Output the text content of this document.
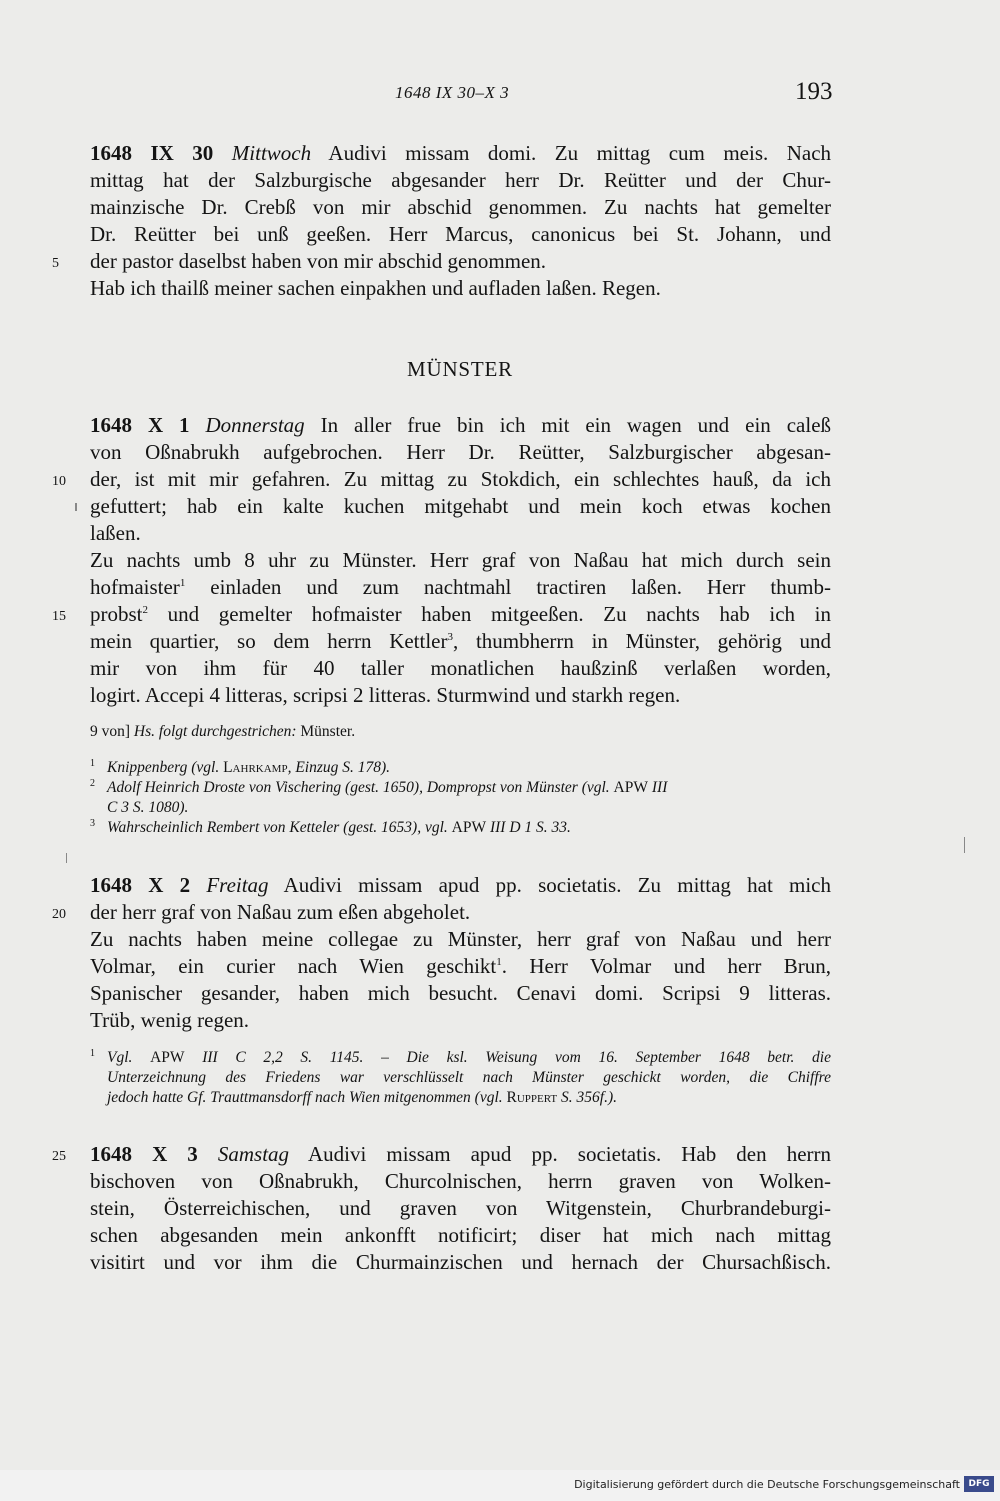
1648 IX 30–X 3	193
1648 IX 30 Mittwoch Audivi missam domi. Zu mittag cum meis. Nach
mittag hat der Salzburgische abgesander herr Dr. Reütter und der Chur-
mainzische Dr. Crebß von mir abschid genommen. Zu nachts hat gemelter
Dr. Reütter bei unß geeßen. Herr Marcus, canonicus bei St. Johann, und
5	der pastor daselbst haben von mir abschid genommen.
Hab ich thailß meiner sachen einpakhen und aufladen laßen. Regen.
MÜNSTER
1648 X 1 Donnerstag In aller frue bin ich mit ein wagen und ein caleß
von Oßnabrukh aufgebrochen. Herr Dr. Reütter, Salzburgischer abgesan-
10	der, ist mit mir gefahren. Zu mittag zu Stokdich, ein schlechtes hauß, da ich
gefuttert; hab ein kalte kuchen mitgehabt und mein koch etwas kochen
laßen.
Zu nachts umb 8 uhr zu Münster. Herr graf von Naßau hat mich durch sein
hofmaister$^1$ einladen und zum nachtmahl tractiren laßen. Herr thumb-
15	probst$^2$ und gemelter hofmaister haben mitgeeßen. Zu nachts hab ich in
mein quartier, so dem herrn Kettler$^3$, thumbherrn in Münster, gehörig und
mir von ihm für 40 taller monatlichen haußzinß verlaßen worden,
logirt. Accepi 4 litteras, scripsi 2 litteras. Sturmwind und starkh regen.
9 von] Hs. folgt durchgestrichen: Münster.
1 Knippenberg (vgl. Lahrkamp, Einzug S. 178).
2 Adolf Heinrich Droste von Vischering (gest. 1650), Dompropst von Münster (vgl. APW III
C 3 S. 1080).
3 Wahrscheinlich Rembert von Ketteler (gest. 1653), vgl. APW III D 1 S. 33.
1648 X 2 Freitag Audivi missam apud pp. societatis. Zu mittag hat mich
20	der herr graf von Naßau zum eßen abgeholet.
Zu nachts haben meine collegae zu Münster, herr graf von Naßau und herr
Volmar, ein curier nach Wien geschikt$^1$. Herr Volmar und herr Brun,
Spanischer gesander, haben mich besucht. Cenavi domi. Scripsi 9 litteras.
Trüb, wenig regen.
1 Vgl. APW III C 2,2 S. 1145. – Die ksl. Weisung vom 16. September 1648 betr. die
Unterzeichnung des Friedens war verschlüsselt nach Münster geschickt worden, die Chiffre
jedoch hatte Gf. Trauttmansdorff nach Wien mitgenommen (vgl. Ruppert S. 356f.).
25	1648 X 3 Samstag Audivi missam apud pp. societatis. Hab den herrn
bischoven von Oßnabrukh, Churcolnischen, herrn graven von Wolken-
stein, Österreichischen, und graven von Witgenstein, Churbrandeburgi-
schen abgesanden mein ankonfft notificirt; diser hat mich nach mittag
visitirt und vor ihm die Churmainzischen und hernach der Chursachßisch.
Digitalisierung gefördert durch die Deutsche Forschungsgemeinschaft DFG
